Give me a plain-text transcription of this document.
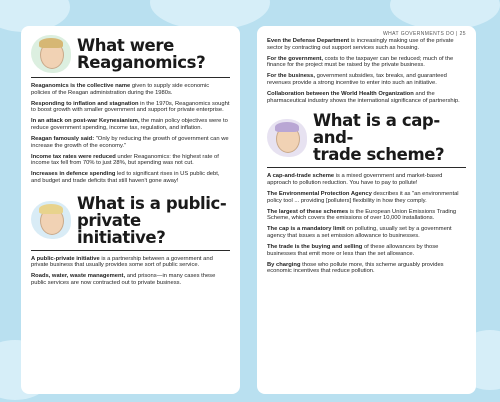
What were
Reaganomics?

Reaganomics is the collective name given to supply side economic policies of the Reagan administration during the 1980s.

Responding to inflation and stagnation in the 1970s, Reaganomics sought to boost growth with smaller government and support for private enterprise.

In an attack on post-war Keynesianism, the main policy objectives were to reduce government spending, income tax, regulation, and inflation.

Reagan famously said: "Only by reducing the growth of government can we increase the growth of the economy."

Income tax rates were reduced under Reaganomics: the highest rate of income tax fell from 70% to just 28%, but spending was not cut.

Increases in defence spending led to significant rises in US public debt, and budget and trade deficits that still haven't gone away!

What is a public-
private initiative?

A public-private initiative is a partnership between a government and private business that usually provides some sort of public service.

Roads, water, waste management, and prisons—in many cases these public services are now contracted out to private business.

WHAT GOVERNMENTS DO | 25

Even the Defense Department is increasingly making use of the private sector by contracting out support services such as housing.

For the government, costs to the taxpayer can be reduced; much of the finance for the project must be raised by the private business.

For the business, government subsidies, tax breaks, and guaranteed revenues provide a strong incentive to enter into such an initiative.

Collaboration between the World Health Organization and the pharmaceutical industry shows the international significance of partnership.

What is a cap-and-
trade scheme?

A cap-and-trade scheme is a mixed government and market-based approach to pollution reduction. You have to pay to pollute!

The Environmental Protection Agency describes it as "an environmental policy tool ... providing [polluters] flexibility in how they comply.

The largest of these schemes is the European Union Emissions Trading Scheme, which covers the emissions of over 10,000 installations.

The cap is a mandatory limit on polluting, usually set by a government agency that issues a set emission allowance to businesses.

The trade is the buying and selling of these allowances by those businesses that emit more or less than the set allowance.

By charging those who pollute more, this scheme arguably provides economic incentives that reduce pollution.
